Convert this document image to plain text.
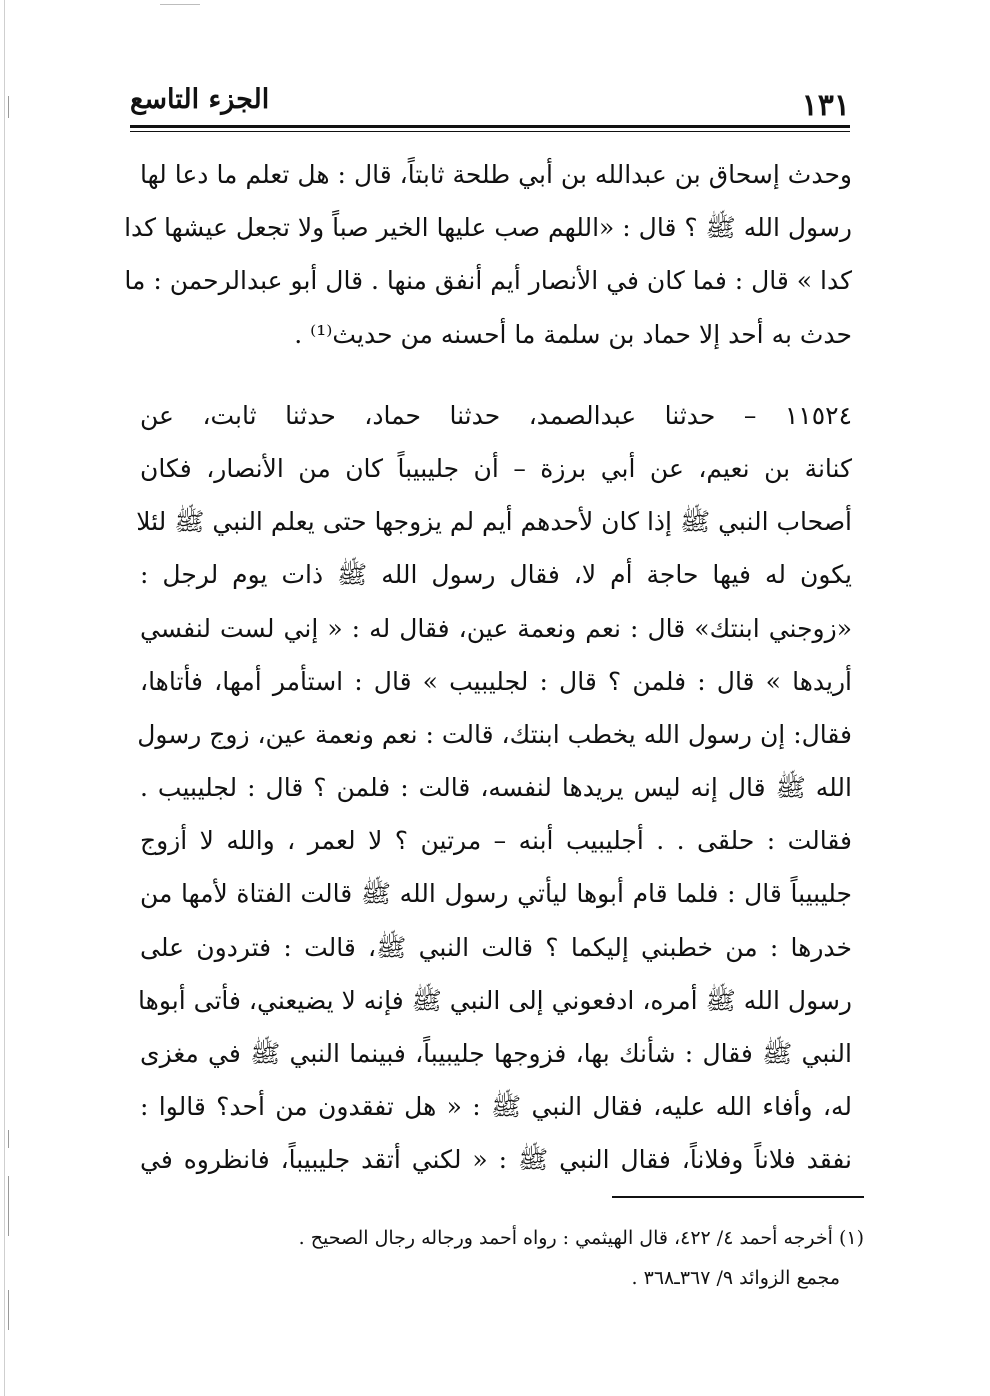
١٣١
الجزء التاسع
وحدث إسحاق بن عبدالله بن أبي طلحة ثابتاً، قال : هل تعلم ما دعا لها
رسول الله ﷺ ؟ قال : «اللهم صب عليها الخير صباً ولا تجعل عيشها كدا
كدا » قال : فما كان في الأنصار أيم أنفق منها . قال أبو عبدالرحمن : ما
حدث به أحد إلا حماد بن سلمة ما أحسنه من حديث⁽¹⁾ .
١١٥٢٤ – حدثنا عبدالصمد، حدثنا حماد، حدثنا ثابت، عن
كنانة بن نعيم، عن أبي برزة – أن جليبيباً كان من الأنصار، فكان
أصحاب النبي ﷺ إذا كان لأحدهم أيم لم يزوجها حتى يعلم النبي ﷺ لئلا
يكون له فيها حاجة أم لا، فقال رسول الله ﷺ ذات يوم لرجل :
«زوجني ابنتك» قال : نعم ونعمة عين، فقال له : « إني لست لنفسي
أريدها » قال : فلمن ؟ قال : لجليبيب » قال : استأمر أمها، فأتاها،
فقال: إن رسول الله يخطب ابنتك، قالت : نعم ونعمة عين، زوج رسول
الله ﷺ قال إنه ليس يريدها لنفسه، قالت : فلمن ؟ قال : لجليبيب .
فقالت : حلقى . . أجليبيب أبنه – مرتين ؟ لا لعمر ، والله لا أزوج
جليبيباً قال : فلما قام أبوها ليأتي رسول الله ﷺ قالت الفتاة لأمها من
خدرها : من خطبني إليكما ؟ قالت النبي ﷺ، قالت : فتردون على
رسول الله ﷺ أمره، ادفعوني إلى النبي ﷺ فإنه لا يضيعني، فأتى أبوها
النبي ﷺ فقال : شأنك بها، فزوجها جليبيباً، فبينما النبي ﷺ في مغزى
له، وأفاء الله عليه، فقال النبي ﷺ : « هل تفقدون من أحد؟ قالوا :
نفقد فلاناً وفلاناً، فقال النبي ﷺ : « لكني أتقد جليبيباً، فانظروه في
(١) أخرجه أحمد ٤/ ٤٢٢، قال الهيثمي : رواه أحمد ورجاله رجال الصحيح .
مجمع الزوائد ٩/ ٣٦٧ـ٣٦٨ .
